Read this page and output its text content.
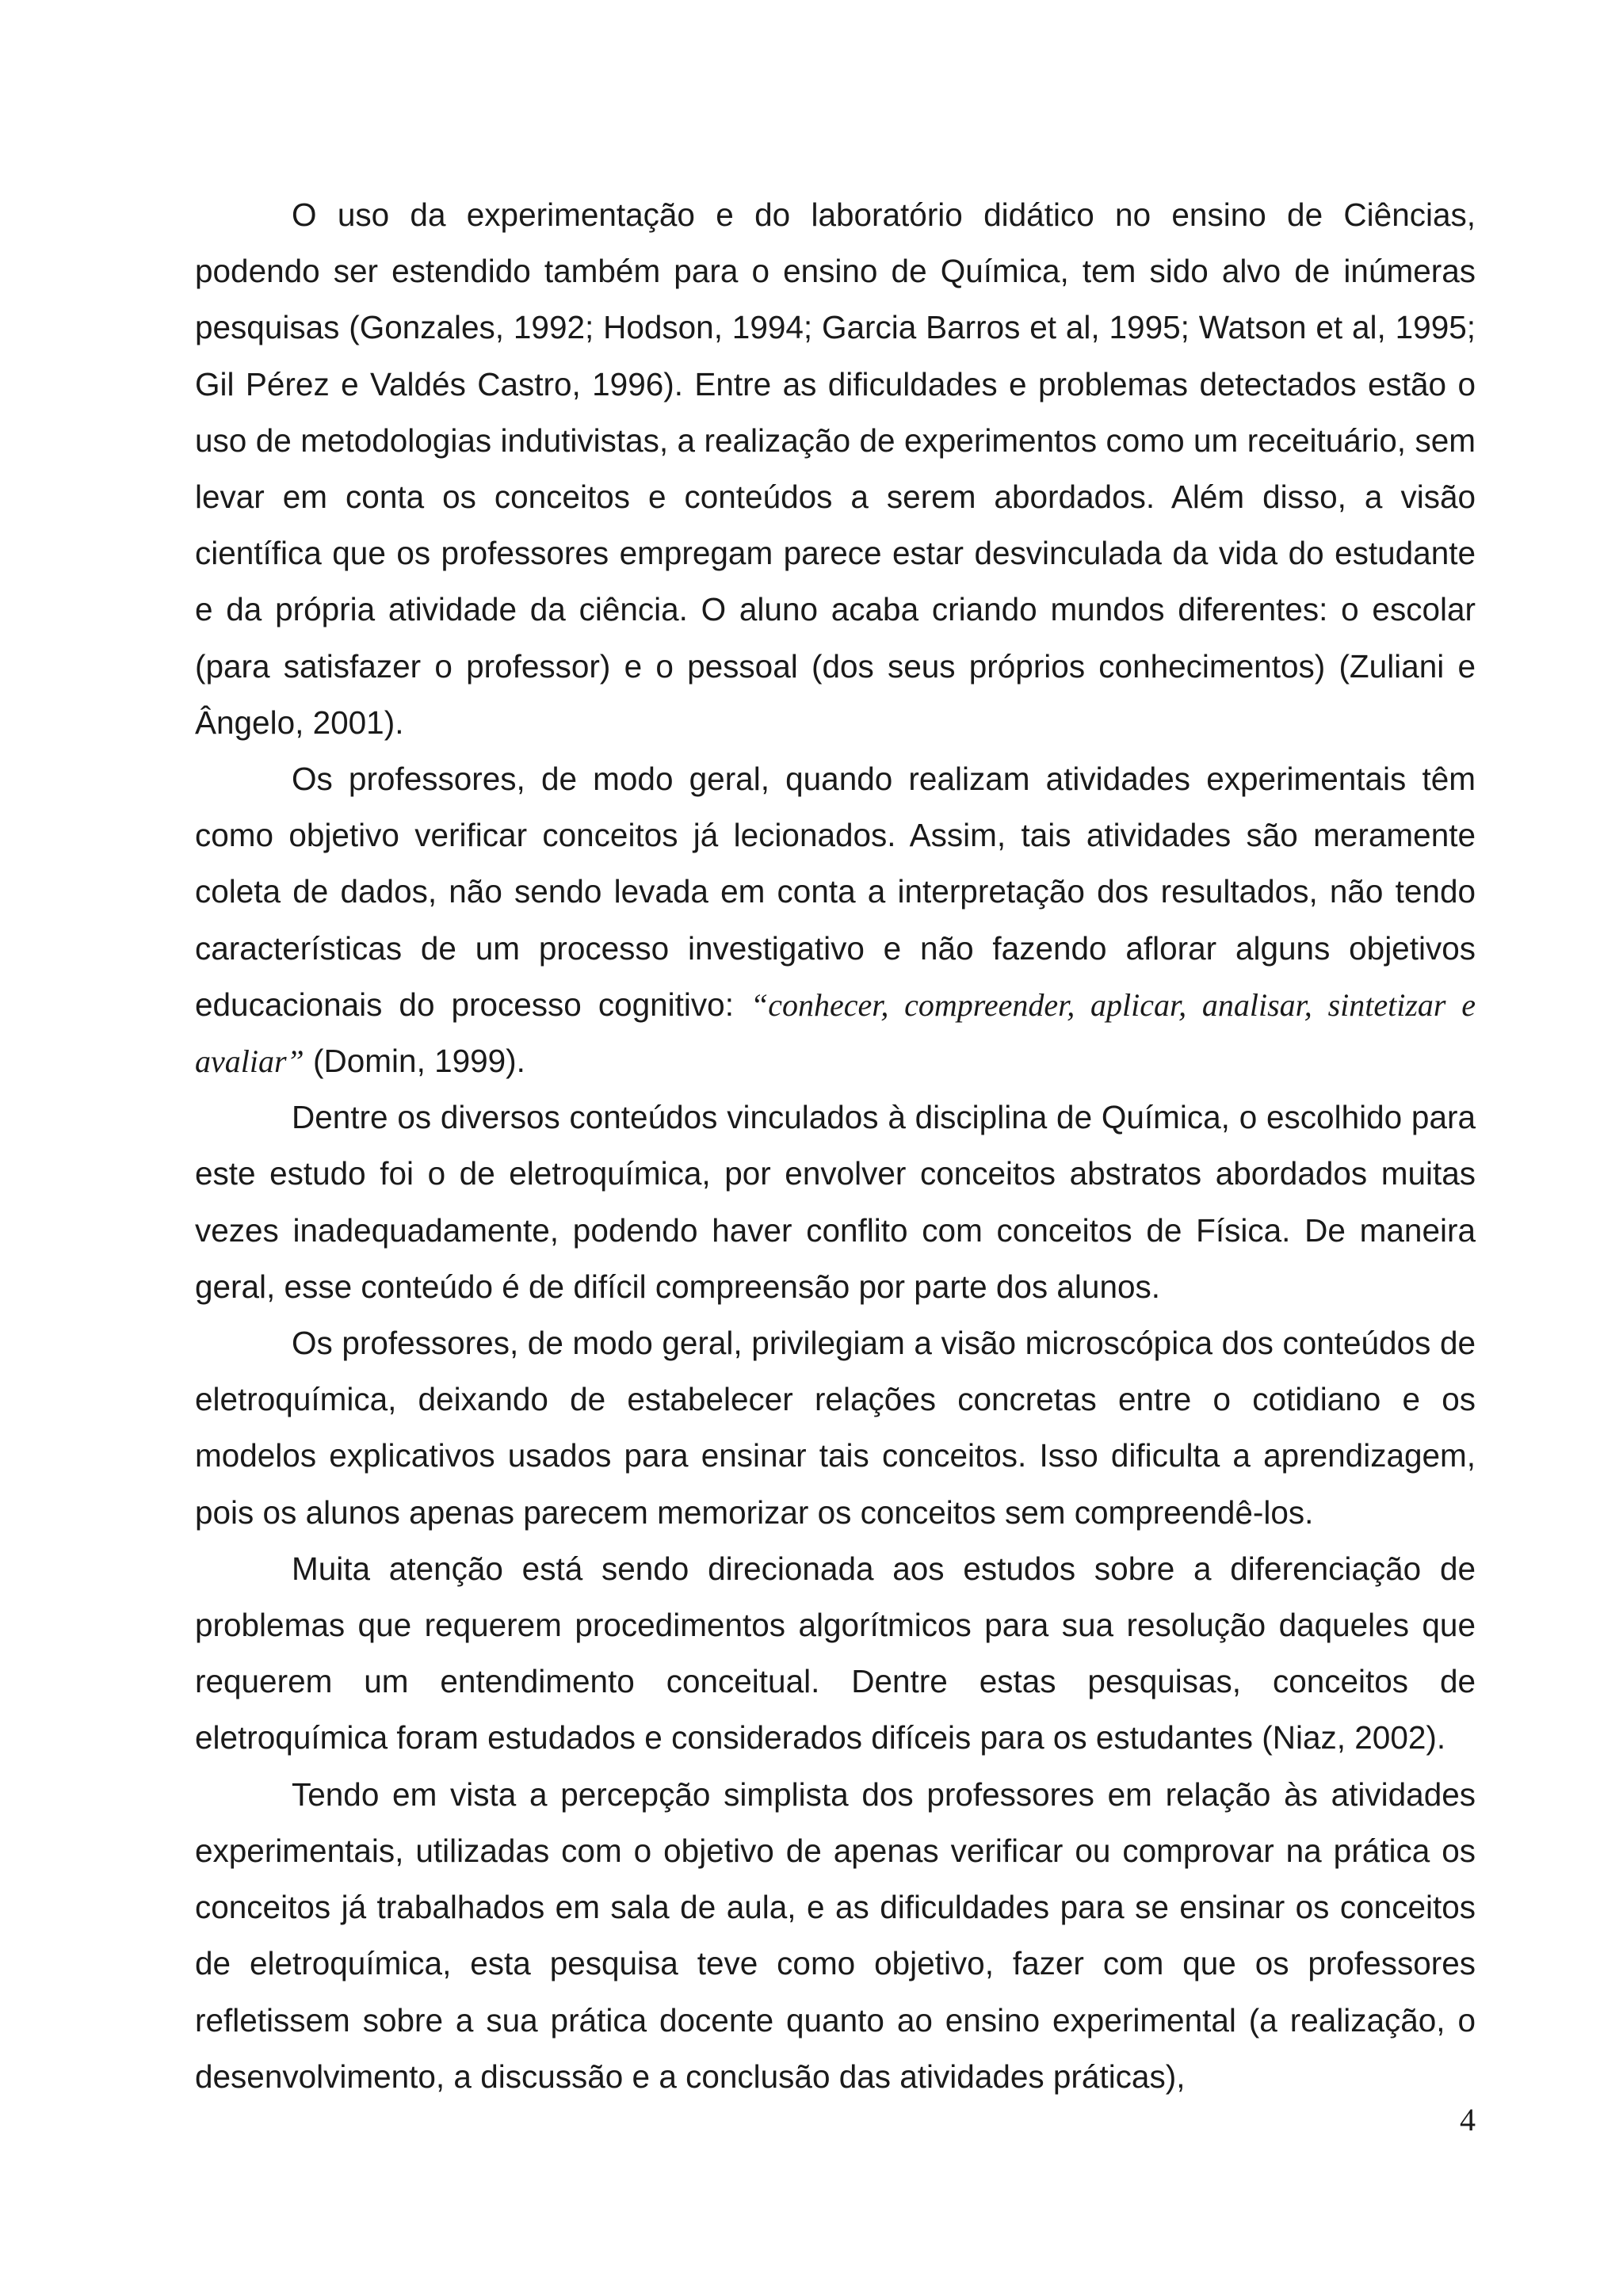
O uso da experimentação e do laboratório didático no ensino de Ciências, podendo ser estendido também para o ensino de Química, tem sido alvo de inúmeras pesquisas (Gonzales, 1992; Hodson, 1994; Garcia Barros et al, 1995; Watson et al, 1995; Gil Pérez e Valdés Castro, 1996). Entre as dificuldades e problemas detectados estão o uso de metodologias indutivistas, a realização de experimentos como um receituário, sem levar em conta os conceitos e conteúdos a serem abordados. Além disso, a visão científica que os professores empregam parece estar desvinculada da vida do estudante e da própria atividade da ciência. O aluno acaba criando mundos diferentes: o escolar (para satisfazer o professor) e o pessoal (dos seus próprios conhecimentos) (Zuliani e Ângelo, 2001).

Os professores, de modo geral, quando realizam atividades experimentais têm como objetivo verificar conceitos já lecionados. Assim, tais atividades são meramente coleta de dados, não sendo levada em conta a interpretação dos resultados, não tendo características de um processo investigativo e não fazendo aflorar alguns objetivos educacionais do processo cognitivo: “conhecer, compreender, aplicar, analisar, sintetizar e avaliar” (Domin, 1999).

Dentre os diversos conteúdos vinculados à disciplina de Química, o escolhido para este estudo foi o de eletroquímica, por envolver conceitos abstratos abordados muitas vezes inadequadamente, podendo haver conflito com conceitos de Física. De maneira geral, esse conteúdo é de difícil compreensão por parte dos alunos.

Os professores, de modo geral, privilegiam a visão microscópica dos conteúdos de eletroquímica, deixando de estabelecer relações concretas entre o cotidiano e os modelos explicativos usados para ensinar tais conceitos. Isso dificulta a aprendizagem, pois os alunos apenas parecem memorizar os conceitos sem compreendê-los.

Muita atenção está sendo direcionada aos estudos sobre a diferenciação de problemas que requerem procedimentos algorítmicos para sua resolução daqueles que requerem um entendimento conceitual. Dentre estas pesquisas, conceitos de eletroquímica foram estudados e considerados difíceis para os estudantes (Niaz, 2002).

Tendo em vista a percepção simplista dos professores em relação às atividades experimentais, utilizadas com o objetivo de apenas verificar ou comprovar na prática os conceitos já trabalhados em sala de aula, e as dificuldades para se ensinar os conceitos de eletroquímica, esta pesquisa teve como objetivo, fazer com que os professores refletissem sobre a sua prática docente quanto ao ensino experimental (a realização, o desenvolvimento, a discussão e a conclusão das atividades práticas),

4
